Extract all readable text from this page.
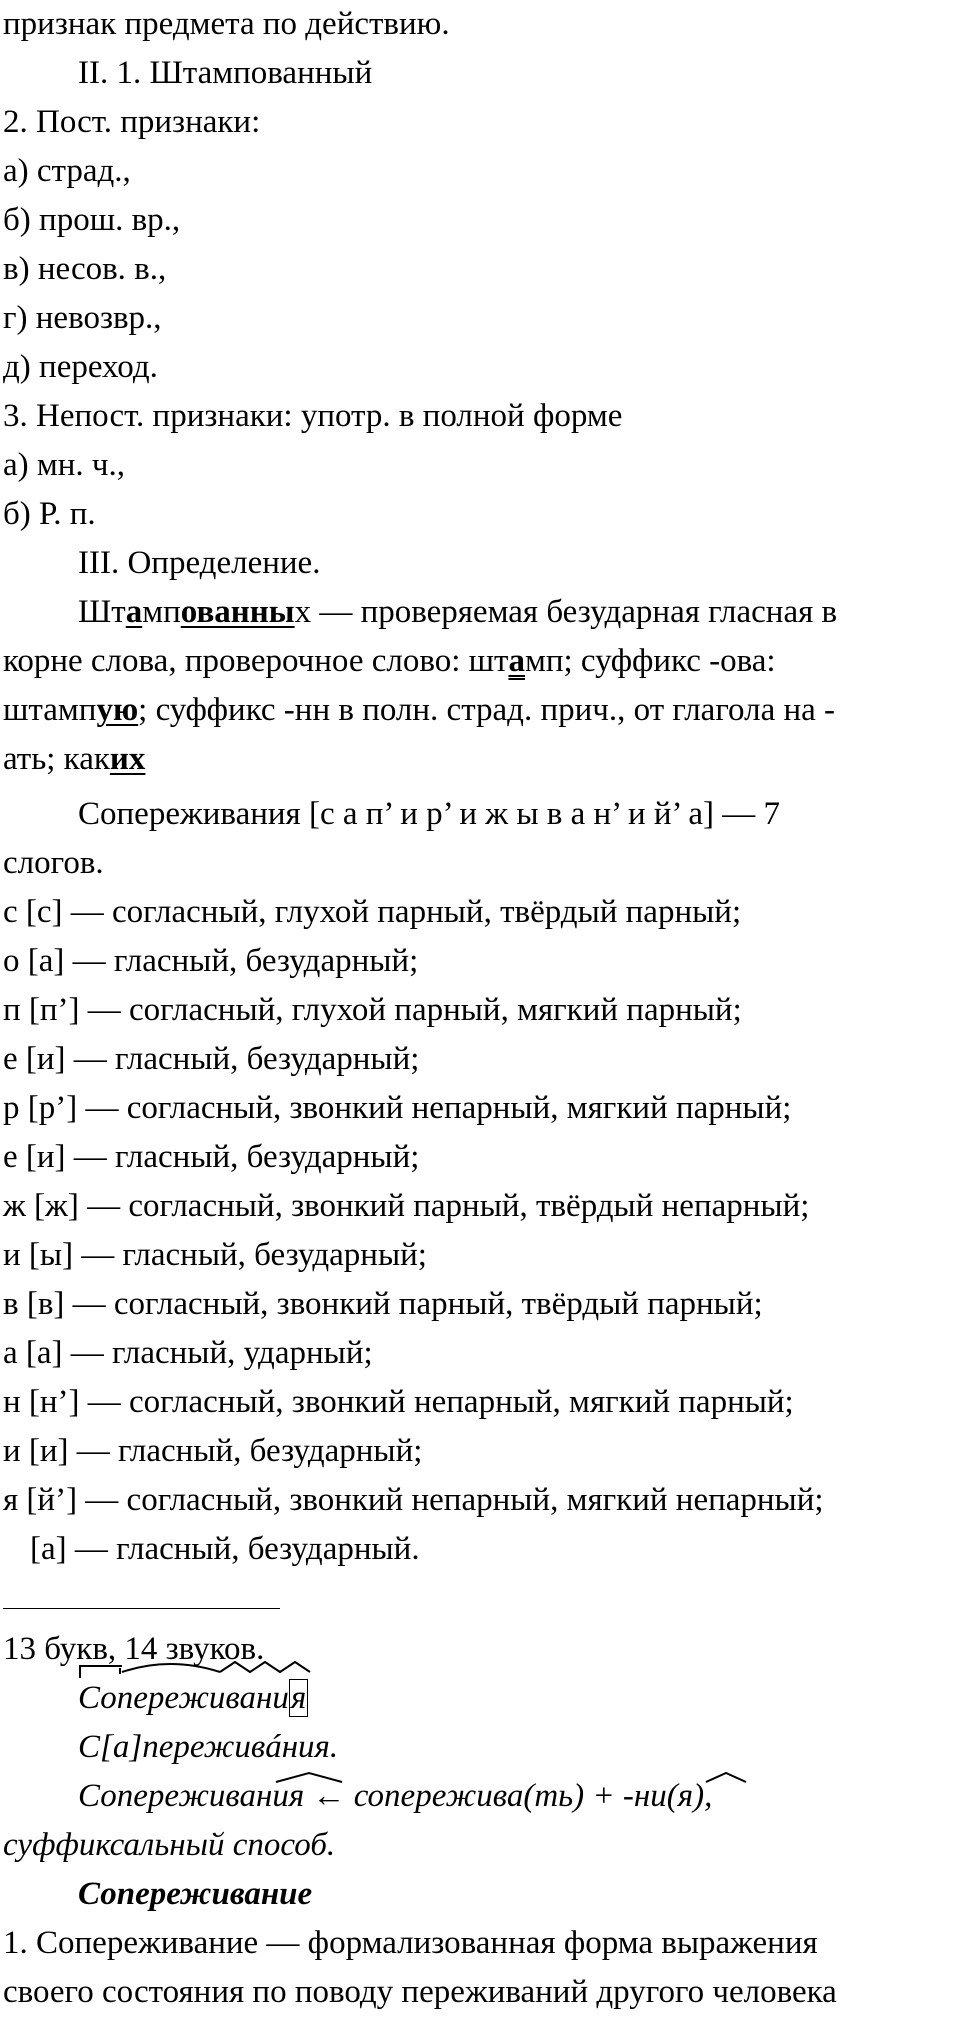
признак предмета по действию.
II. 1. Штампованный
2. Пост. признаки:
а) страд.,
б) прош. вр.,
в) несов. в.,
г) невозвр.,
д) переход.
3. Непост. признаки: употр. в полной форме
а) мн. ч.,
б) Р. п.
III. Определение.
Штампованных — проверяемая безударная гласная в
корне слова, проверочное слово: штамп; суффикс -ова:
штампую; суффикс -нн в полн. страд. прич., от глагола на -
ать; каких
Сопереживания [с а п’ и р’ и ж ы в а н’ и й’ а] — 7
слогов.
с [с] — согласный, глухой парный, твёрдый парный;
о [а] — гласный, безударный;
п [п’] — согласный, глухой парный, мягкий парный;
е [и] — гласный, безударный;
р [р’] — согласный, звонкий непарный, мягкий парный;
е [и] — гласный, безударный;
ж [ж] — согласный, звонкий парный, твёрдый непарный;
и [ы] — гласный, безударный;
в [в] — согласный, звонкий парный, твёрдый парный;
а [а] — гласный, ударный;
н [н’] — согласный, звонкий непарный, мягкий парный;
и [и] — гласный, безударный;
я [й’] — согласный, звонкий непарный, мягкий непарный;
[а] — гласный, безударный.
13 букв, 14 звуков.
Сопереживания
С[а]переживáния.
Сопереживания ← сопережива(ть) + -ни(я),
суффиксальный способ.
Сопереживание
1. Сопереживание — формализованная форма выражения
своего состояния по поводу переживаний другого человека
